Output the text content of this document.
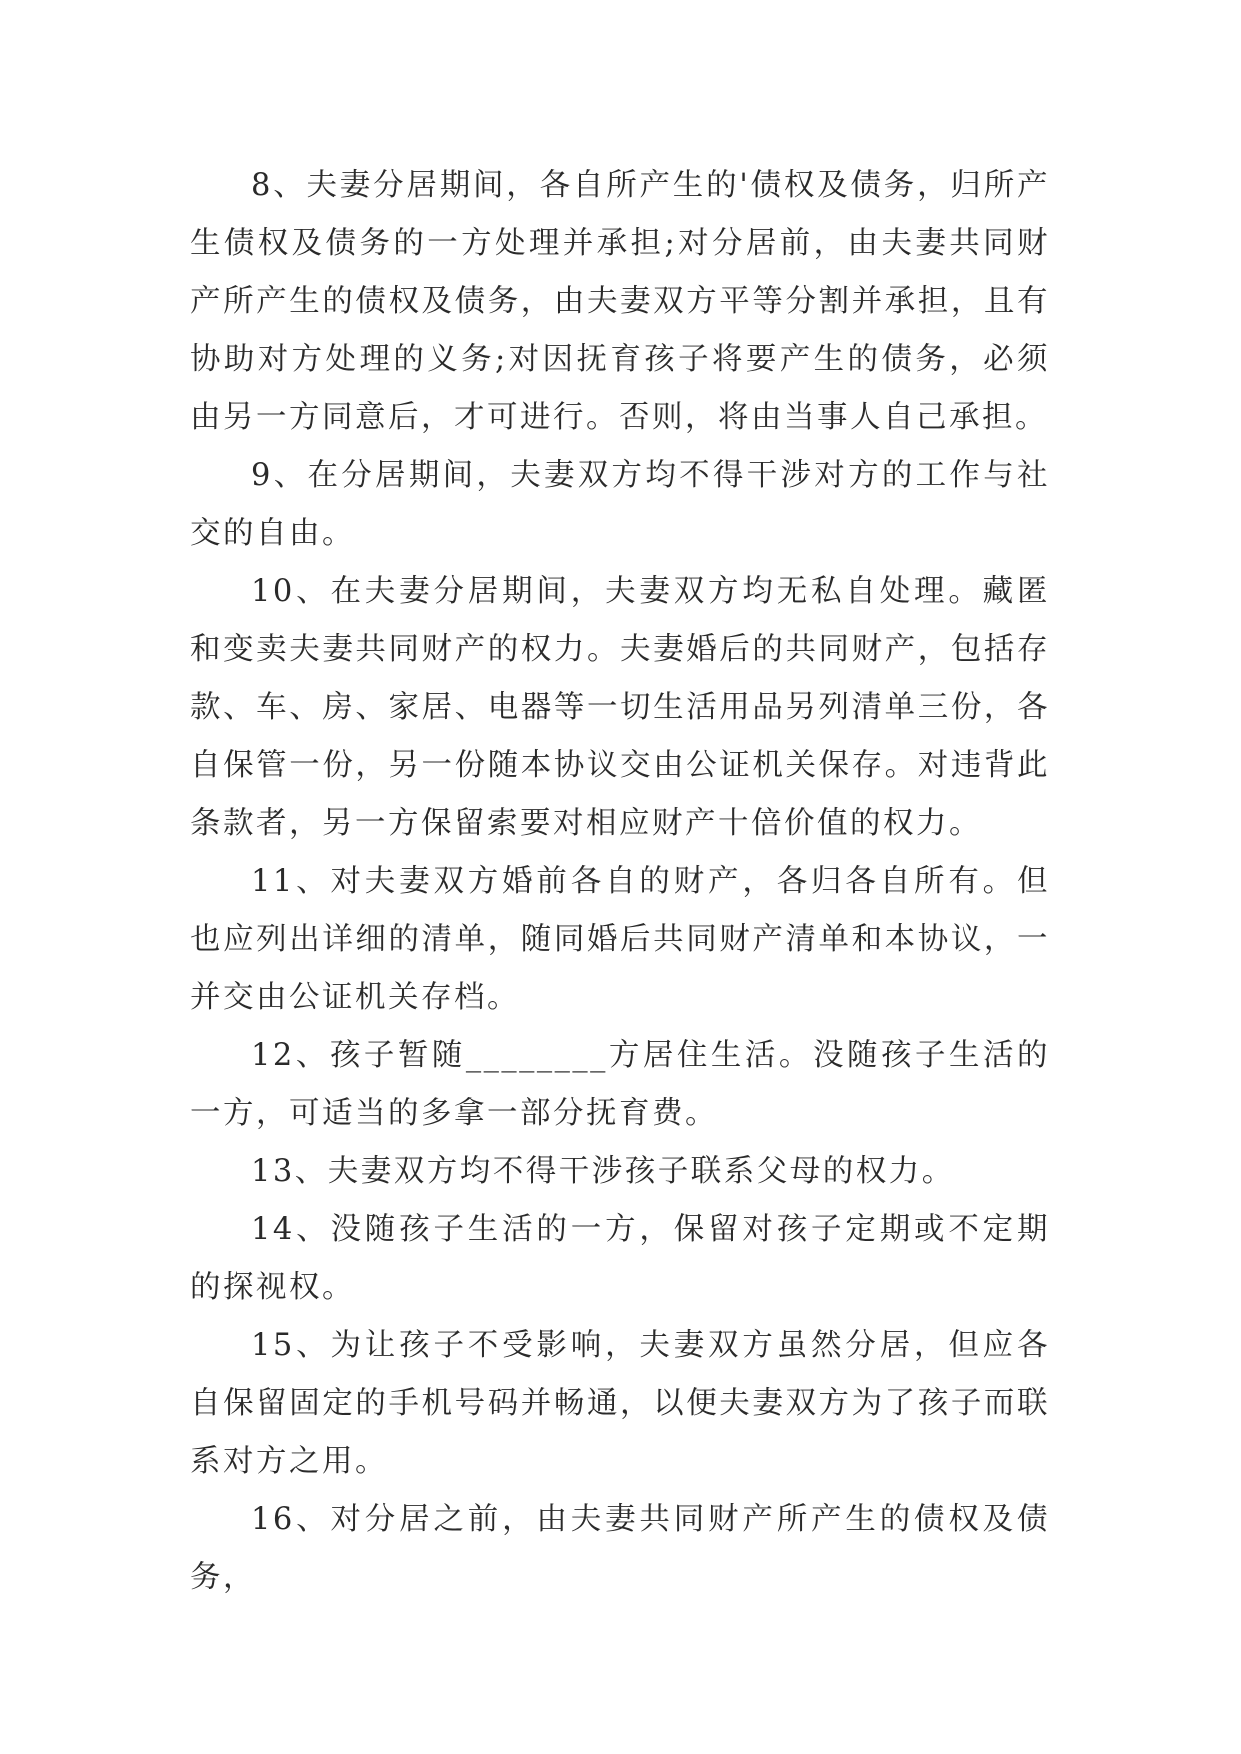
8、夫妻分居期间，各自所产生的'债权及债务，归所产生债权及债务的一方处理并承担;对分居前，由夫妻共同财产所产生的债权及债务，由夫妻双方平等分割并承担，且有协助对方处理的义务;对因抚育孩子将要产生的债务，必须由另一方同意后，才可进行。否则，将由当事人自己承担。

9、在分居期间，夫妻双方均不得干涉对方的工作与社交的自由。

10、在夫妻分居期间，夫妻双方均无私自处理。藏匿和变卖夫妻共同财产的权力。夫妻婚后的共同财产，包括存款、车、房、家居、电器等一切生活用品另列清单三份，各自保管一份，另一份随本协议交由公证机关保存。对违背此条款者，另一方保留索要对相应财产十倍价值的权力。

11、对夫妻双方婚前各自的财产，各归各自所有。但也应列出详细的清单，随同婚后共同财产清单和本协议，一并交由公证机关存档。

12、孩子暂随________方居住生活。没随孩子生活的一方，可适当的多拿一部分抚育费。

13、夫妻双方均不得干涉孩子联系父母的权力。

14、没随孩子生活的一方，保留对孩子定期或不定期的探视权。

15、为让孩子不受影响，夫妻双方虽然分居，但应各自保留固定的手机号码并畅通，以便夫妻双方为了孩子而联系对方之用。

16、对分居之前，由夫妻共同财产所产生的债权及债务，
